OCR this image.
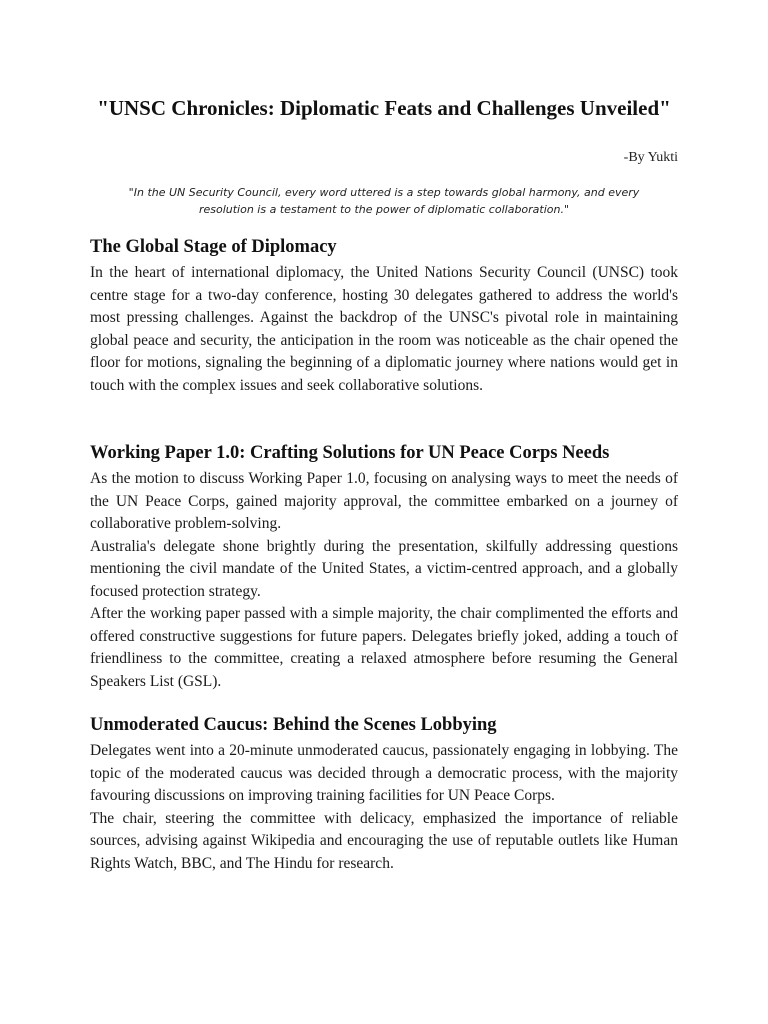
"UNSC Chronicles: Diplomatic Feats and Challenges Unveiled"
-By Yukti

"In the UN Security Council, every word uttered is a step towards global harmony, and every resolution is a testament to the power of diplomatic collaboration."

The Global Stage of Diplomacy

In the heart of international diplomacy, the United Nations Security Council (UNSC) took centre stage for a two-day conference, hosting 30 delegates gathered to address the world's most pressing challenges. Against the backdrop of the UNSC's pivotal role in maintaining global peace and security, the anticipation in the room was noticeable as the chair opened the floor for motions, signaling the beginning of a diplomatic journey where nations would get in touch with the complex issues and seek collaborative solutions.

Working Paper 1.0: Crafting Solutions for UN Peace Corps Needs

As the motion to discuss Working Paper 1.0, focusing on analysing ways to meet the needs of the UN Peace Corps, gained majority approval, the committee embarked on a journey of collaborative problem-solving.

Australia's delegate shone brightly during the presentation, skilfully addressing questions mentioning the civil mandate of the United States, a victim-centred approach, and a globally focused protection strategy.

After the working paper passed with a simple majority, the chair complimented the efforts and offered constructive suggestions for future papers. Delegates briefly joked, adding a touch of friendliness to the committee, creating a relaxed atmosphere before resuming the General Speakers List (GSL).

Unmoderated Caucus: Behind the Scenes Lobbying

Delegates went into a 20-minute unmoderated caucus, passionately engaging in lobbying. The topic of the moderated caucus was decided through a democratic process, with the majority favouring discussions on improving training facilities for UN Peace Corps.

The chair, steering the committee with delicacy, emphasized the importance of reliable sources, advising against Wikipedia and encouraging the use of reputable outlets like Human Rights Watch, BBC, and The Hindu for research.
